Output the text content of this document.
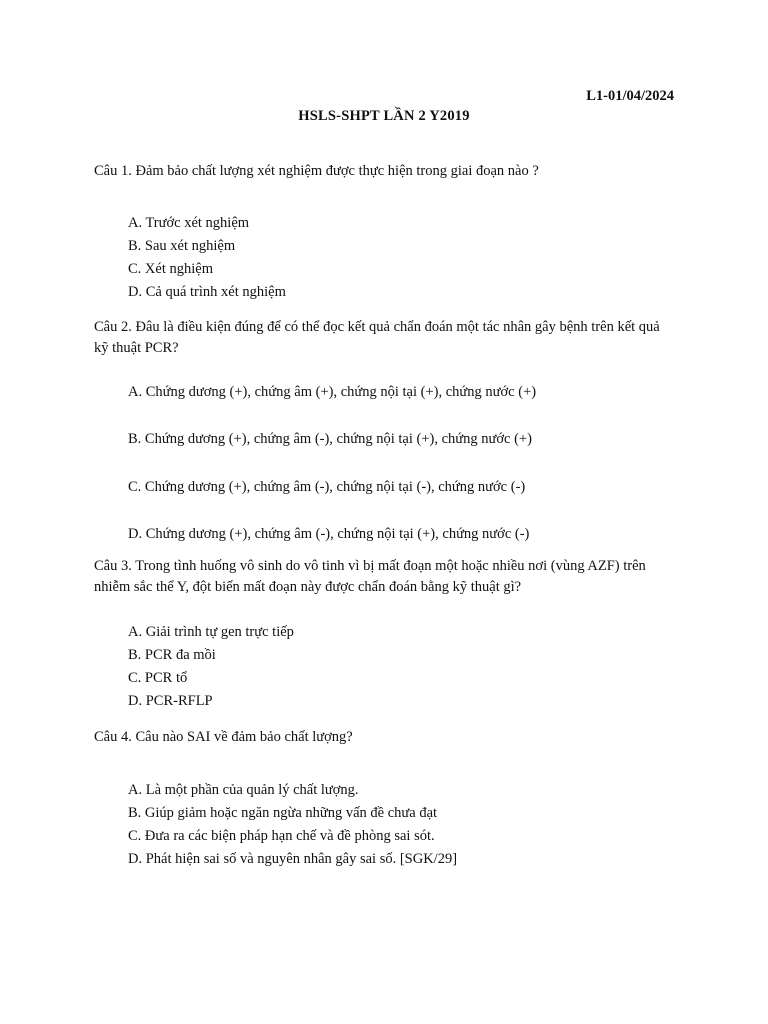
L1-01/04/2024
HSLS-SHPT LẦN 2 Y2019
Câu 1. Đảm bảo chất lượng xét nghiệm được thực hiện trong giai đoạn nào ?
A. Trước xét nghiệm
B. Sau xét nghiệm
C. Xét nghiệm
D. Cả quá trình xét nghiệm
Câu 2. Đâu là điều kiện đúng để có thể đọc kết quả chẩn đoán một tác nhân gây bệnh trên kết quả kỹ thuật PCR?
A. Chứng dương (+), chứng âm (+), chứng nội tại (+), chứng nước (+)
B. Chứng dương (+), chứng âm (-), chứng nội tại (+), chứng nước (+)
C. Chứng dương (+), chứng âm (-), chứng nội tại (-), chứng nước (-)
D. Chứng dương (+), chứng âm (-), chứng nội tại (+), chứng nước (-)
Câu 3. Trong tình huống vô sinh do vô tinh vì bị mất đoạn một hoặc nhiều nơi (vùng AZF) trên nhiễm sắc thể Y, đột biến mất đoạn này được chẩn đoán bằng kỹ thuật gì?
A. Giải trình tự gen trực tiếp
B. PCR đa mồi
C. PCR tổ
D. PCR-RFLP
Câu 4. Câu nào SAI về đảm bảo chất lượng?
A. Là một phần của quản lý chất lượng.
B. Giúp giảm hoặc ngăn ngừa những vấn đề chưa đạt
C. Đưa ra các biện pháp hạn chế và đề phòng sai sót.
D. Phát hiện sai số và nguyên nhân gây sai số. [SGK/29]
